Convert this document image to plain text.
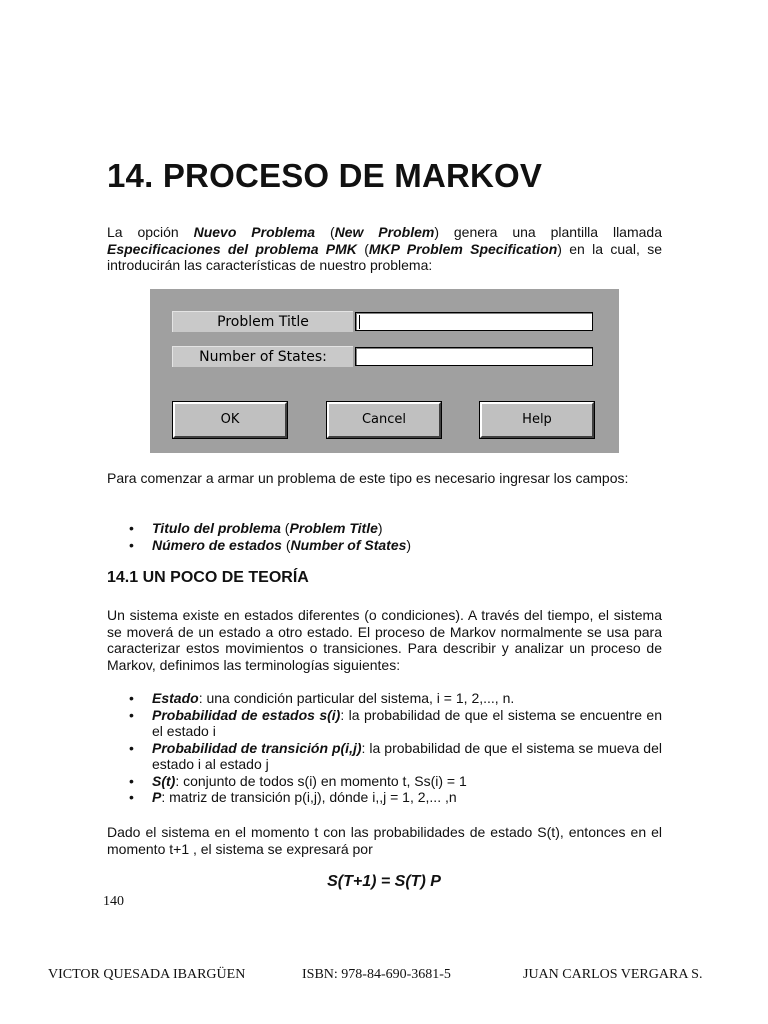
14. PROCESO DE MARKOV

La opción Nuevo Problema (New Problem) genera una plantilla llamada Especificaciones del problema PMK (MKP Problem Specification) en la cual, se introducirán las características de nuestro problema:

Problem Title
Number of States:
OK	Cancel	Help

Para comenzar a armar un problema de este tipo es necesario ingresar los campos:

• Titulo del problema (Problem Title)
• Número de estados (Number of States)
14.1 UN POCO DE TEORÍA

Un sistema existe en estados diferentes (o condiciones). A través del tiempo, el sistema se moverá de un estado a otro estado. El proceso de Markov normalmente se usa para caracterizar estos movimientos o transiciones. Para describir y analizar un proceso de Markov, definimos las terminologías siguientes:

• Estado: una condición particular del sistema, i = 1, 2,..., n.
• Probabilidad de estados s(i): la probabilidad de que el sistema se encuentre en el estado i
• Probabilidad de transición p(i,j): la probabilidad de que el sistema se mueva del estado i al estado j
• S(t): conjunto de todos s(i) en momento t, Ss(i) = 1
• P: matriz de transición p(i,j), dónde i,,j = 1, 2,... ,n

Dado el sistema en el momento t con las probabilidades de estado S(t), entonces en el momento t+1 , el sistema se expresará por

S(T+1) = S(T) P
140
VICTOR QUESADA IBARGÜEN	ISBN: 978-84-690-3681-5	JUAN CARLOS VERGARA S.
